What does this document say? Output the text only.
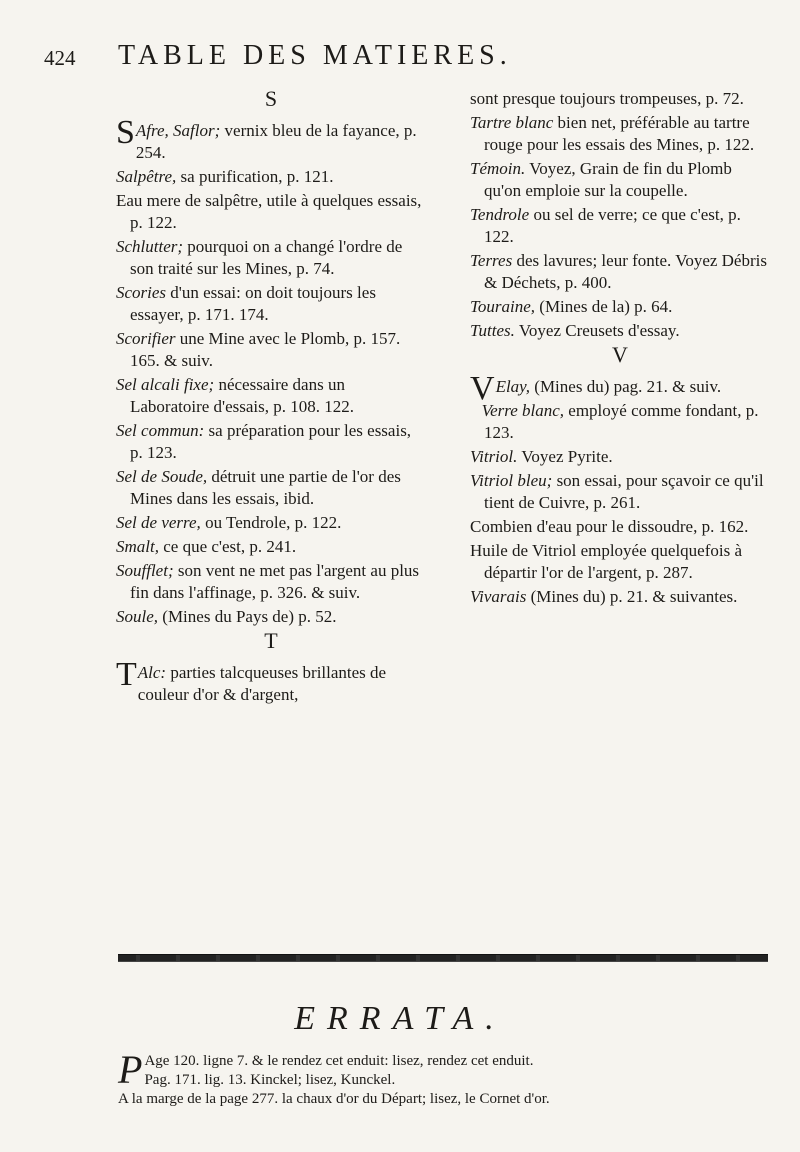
424 TABLE DES MATIERES.
S

S Afre, Saflor; vernix bleu de la fayance, p. 254.

Salpêtre, sa purification, p. 121.

Eau mere de salpêtre, utile à quelques essais, p. 122.

Schlutter; pourquoi on a changé l'ordre de son traité sur les Mines, p. 74.

Scories d'un essai: on doit toujours les essayer, p. 171. 174.

Scorifier une Mine avec le Plomb, p. 157. 165. & suiv.

Sel alcali fixe; nécessaire dans un Laboratoire d'essais, p. 108. 122.

Sel commun: sa préparation pour les essais, p. 123.

Sel de Soude, détruit une partie de l'or des Mines dans les essais, ibid.

Sel de verre, ou Tendrole, p. 122.

Smalt, ce que c'est, p. 241.

Soufflet; son vent ne met pas l'argent au plus fin dans l'affinage, p. 326. & suiv.

Soule, (Mines du Pays de) p. 52.

T

T Alc: parties talcqueuses brillantes de couleur d'or & d'argent,

sont presque toujours trompeuses, p. 72.

Tartre blanc bien net, préférable au tartre rouge pour les essais des Mines, p. 122.

Témoin. Voyez, Grain de fin du Plomb qu'on emploie sur la coupelle.

Tendrole ou sel de verre; ce que c'est, p. 122.

Terres des lavures; leur fonte. Voyez Débris & Déchets, p. 400.

Touraine, (Mines de la) p. 64.

Tuttes. Voyez Creusets d'essay.

V

V Elay, (Mines du) pag. 21. & suiv.

Verre blanc, employé comme fondant, p. 123.

Vitriol. Voyez Pyrite.

Vitriol bleu; son essai, pour sçavoir ce qu'il tient de Cuivre, p. 261.

Combien d'eau pour le dissoudre, p. 162.

Huile de Vitriol employée quelquefois à départir l'or de l'argent, p. 287.

Vivarais (Mines du) p. 21. & suivantes.

ERRATA.
P Age 120. ligne 7. & le rendez cet enduit: lisez, rendez cet enduit.

Pag. 171. lig. 13. Kinckel; lisez, Kunckel.

A la marge de la page 277. la chaux d'or du Départ; lisez, le Cornet d'or.
